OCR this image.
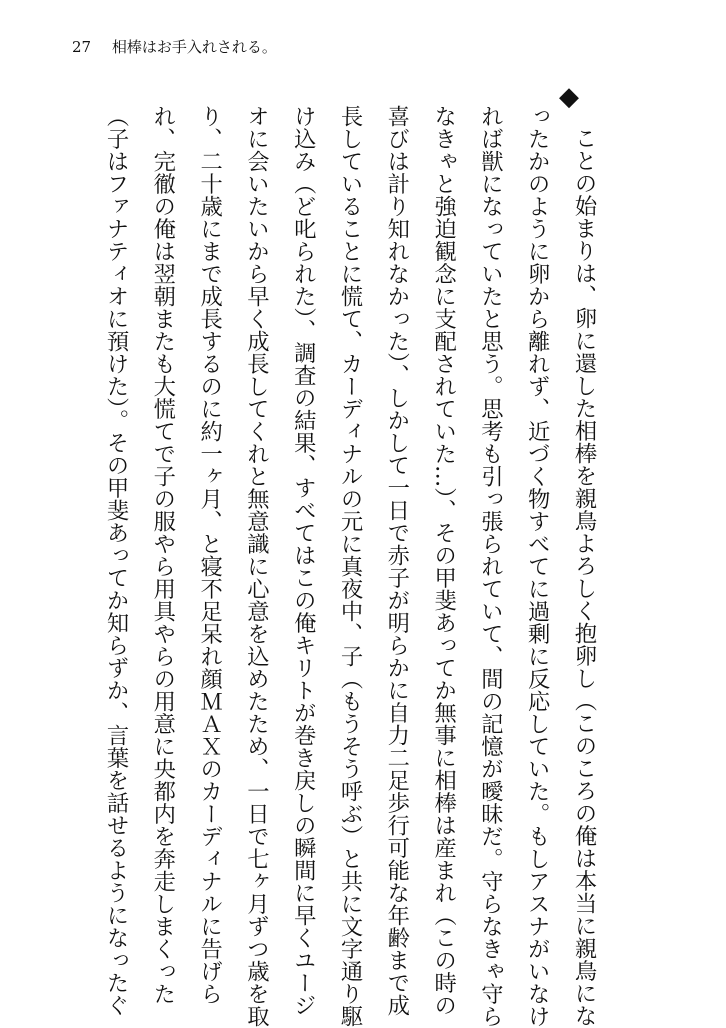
27 相棒はお手入れされる。
◆

ことの始まりは、卵に還した相棒を親鳥よろしく抱卵し（このころの俺は本当に親鳥にな

ったかのように卵から離れず、近づく物すべてに過剰に反応していた。もしアスナがいなけ

れば獣になっていたと思う。思考も引っ張られていて、間の記憶が曖昧だ。守らなきゃ守ら

なきゃと強迫観念に支配されていた…）、その甲斐あってか無事に相棒は産まれ（この時の

喜びは計り知れなかった）、しかして一日で赤子が明らかに自力二足歩行可能な年齢まで成

長していることに慌て、カーディナルの元に真夜中、子（もうそう呼ぶ）と共に文字通り駆

け込み（ど叱られた）、調査の結果、すべてはこの俺キリトが巻き戻しの瞬間に早くユージ

オに会いたいから早く成長してくれと無意識に心意を込めたため、一日で七ヶ月ずつ歳を取

り、二十歳にまで成長するのに約一ヶ月、と寝不足呆れ顔ＭＡＸのカーディナルに告げら

れ、完徹の俺は翌朝またも大慌てで子の服やら用具やらの用意に央都内を奔走しまくった

（子はファナティオに預けた）。その甲斐あってか知らずか、言葉を話せるようになったぐ
